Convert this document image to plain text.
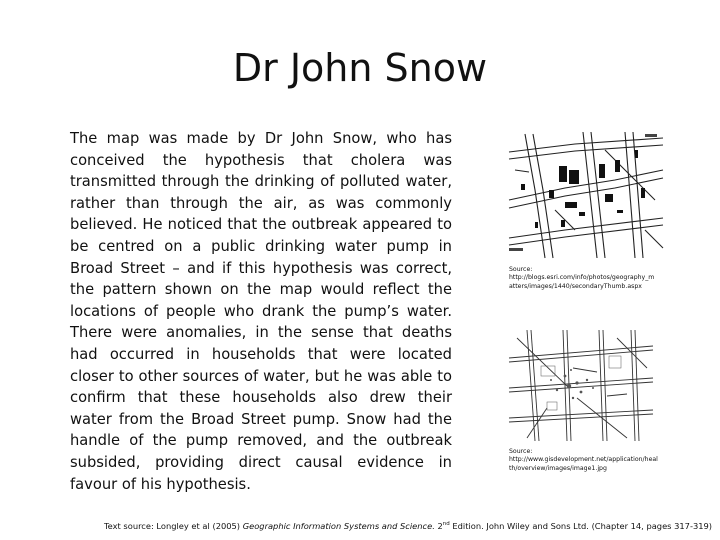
Dr John Snow

The map was made by Dr John Snow, who has conceived the hypothesis that cholera was transmitted through the drinking of polluted water, rather than through the air, as was commonly believed. He noticed that the outbreak appeared to be centred on a public drinking water pump in Broad Street – and if this hypothesis was correct, the pattern shown on the map would reflect the locations of people who drank the pump’s water. There were anomalies, in the sense that deaths had occurred in households that were located closer to other sources of water, but he was able to confirm that these households also drew their water from the Broad Street pump. Snow had the handle of the pump removed, and the outbreak subsided, providing direct causal evidence in favour of his hypothesis.

Source:
http://blogs.esri.com/info/photos/geography_matters/images/1440/secondaryThumb.aspx

Source:
http://www.gisdevelopment.net/application/health/overview/images/image1.jpg

Text source: Longley et al (2005) Geographic Information Systems and Science. 2nd Edition. John Wiley and Sons Ltd. (Chapter 14, pages 317-319)
